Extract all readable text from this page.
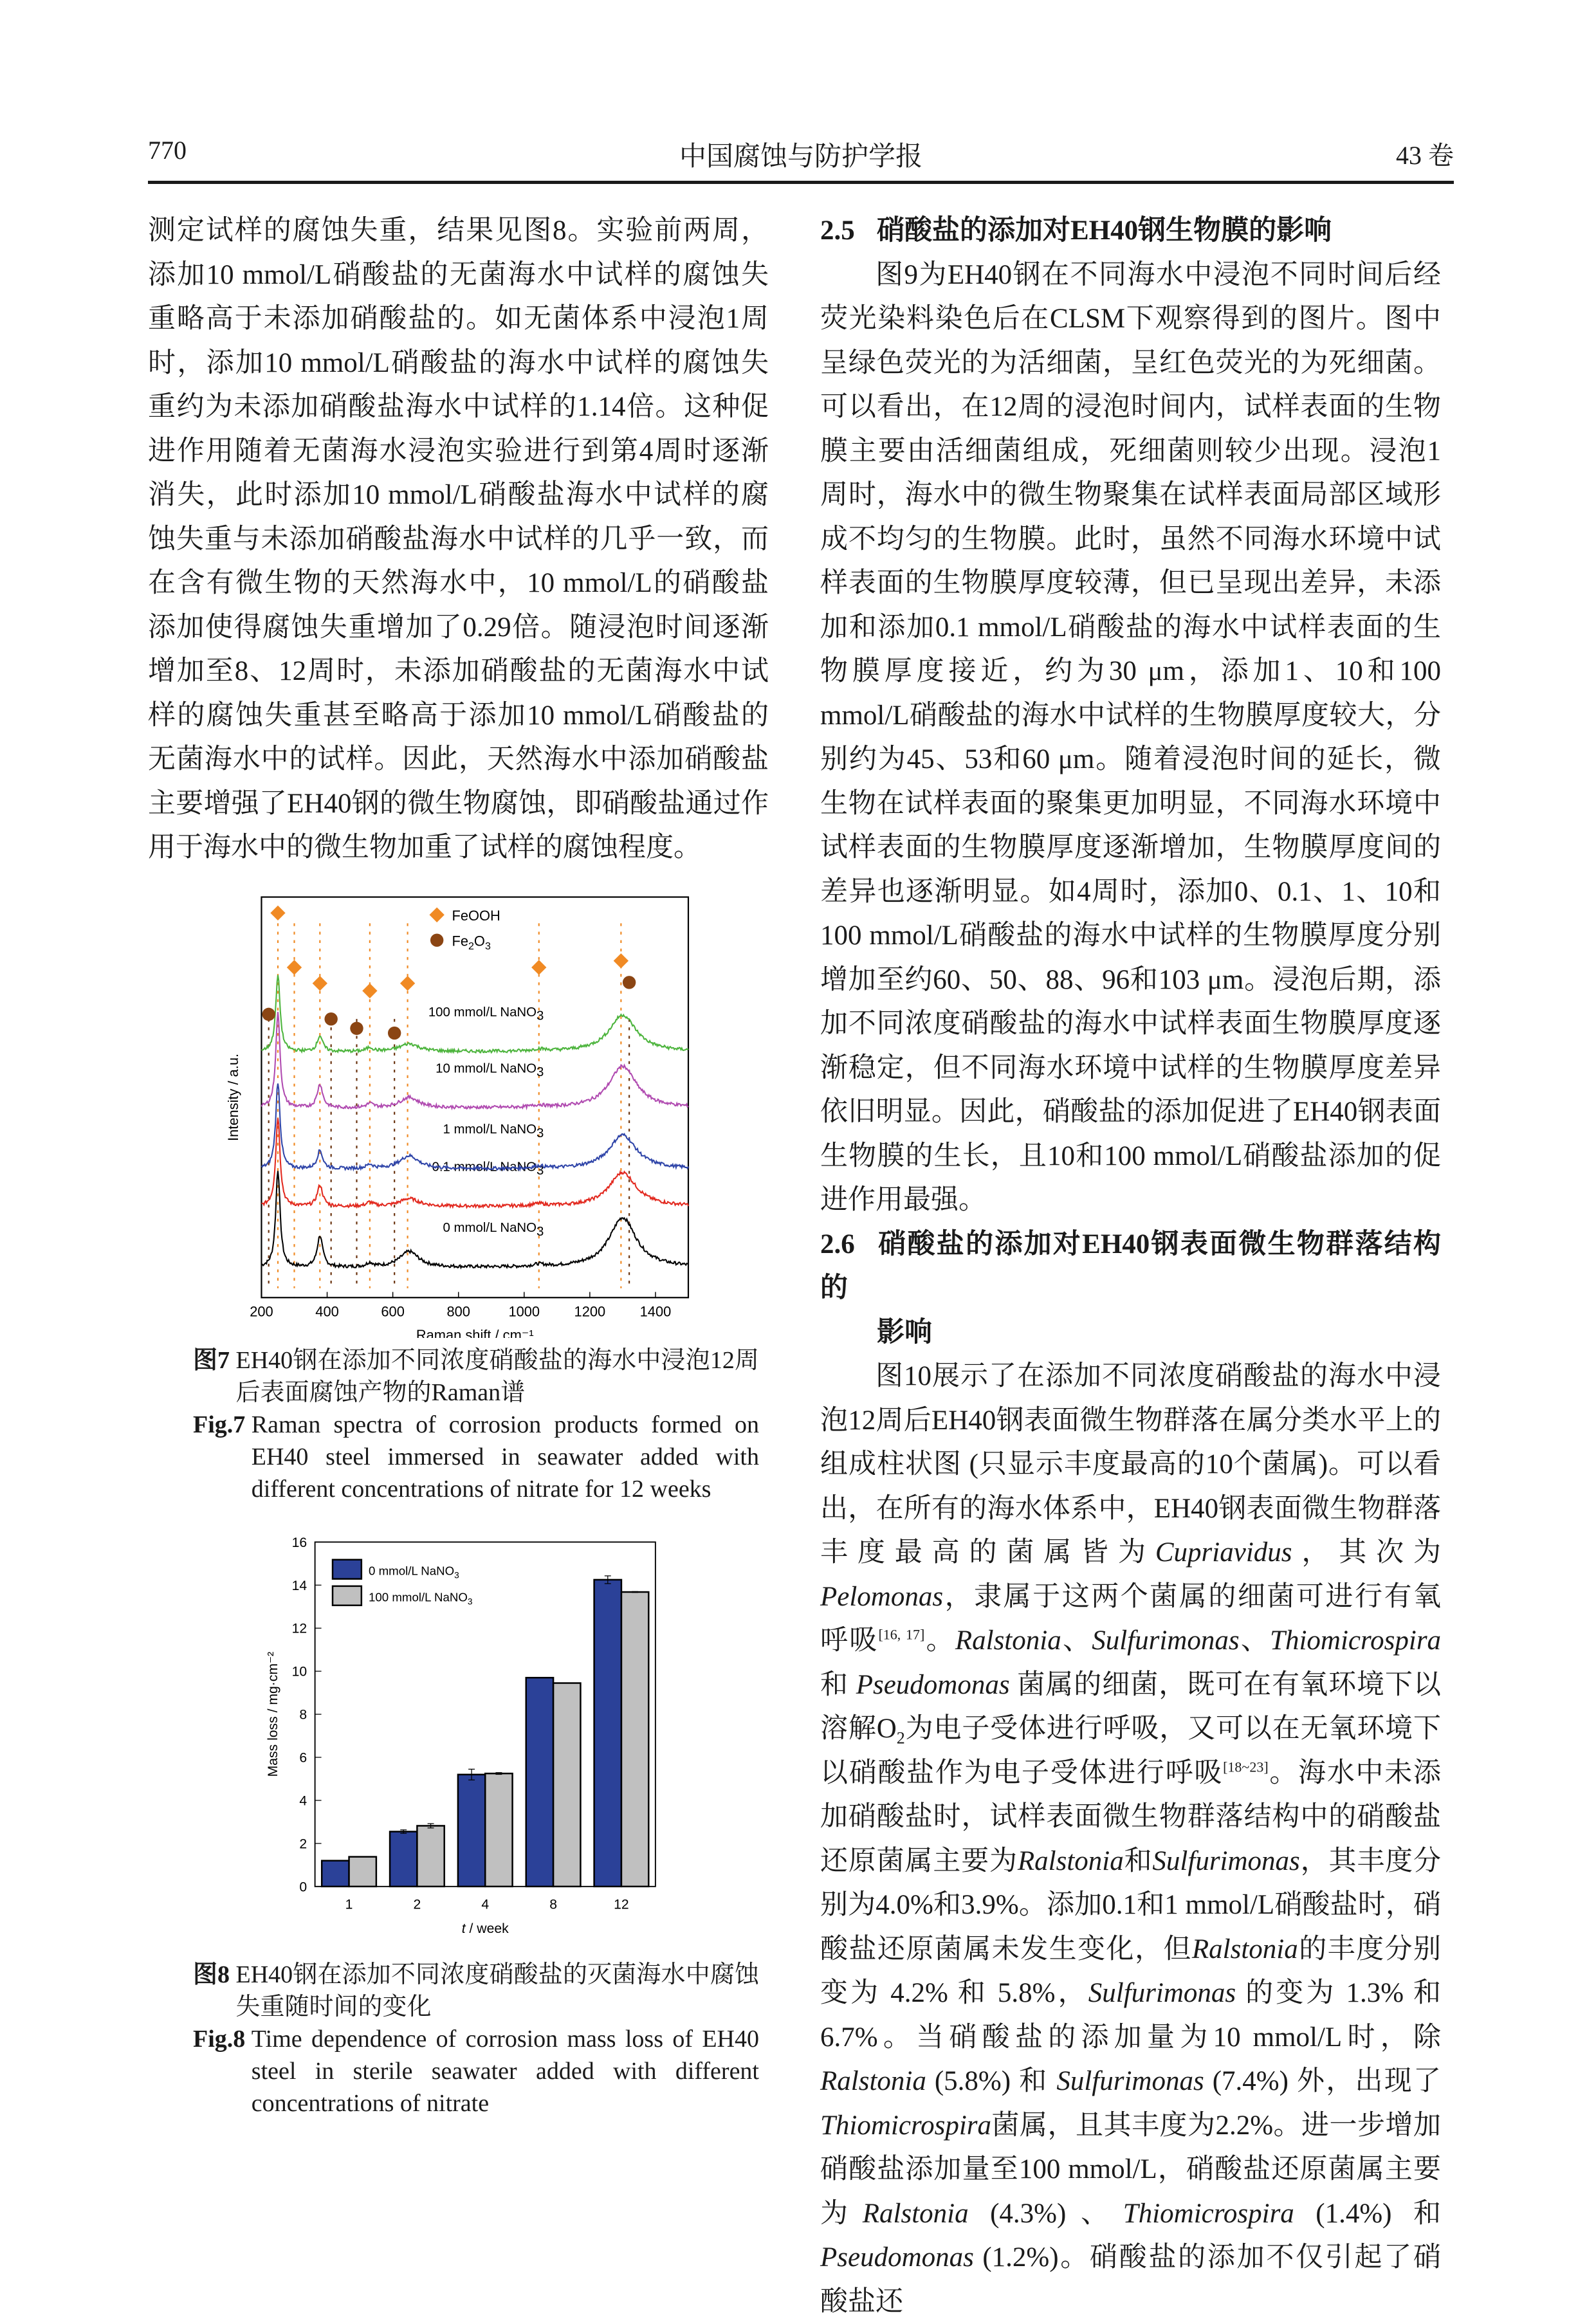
770	中国腐蚀与防护学报	43 卷

测定试样的腐蚀失重，结果见图8。实验前两周，添加10 mmol/L硝酸盐的无菌海水中试样的腐蚀失重略高于未添加硝酸盐的。如无菌体系中浸泡1周时，添加10 mmol/L硝酸盐的海水中试样的腐蚀失重约为未添加硝酸盐海水中试样的1.14倍。这种促进作用随着无菌海水浸泡实验进行到第4周时逐渐消失，此时添加10 mmol/L硝酸盐海水中试样的腐蚀失重与未添加硝酸盐海水中试样的几乎一致，而在含有微生物的天然海水中，10 mmol/L的硝酸盐添加使得腐蚀失重增加了0.29倍。随浸泡时间逐渐增加至8、12周时，未添加硝酸盐的无菌海水中试样的腐蚀失重甚至略高于添加10 mmol/L硝酸盐的无菌海水中的试样。因此，天然海水中添加硝酸盐主要增强了EH40钢的微生物腐蚀，即硝酸盐通过作用于海水中的微生物加重了试样的腐蚀程度。

0 mmol/L NaNO3
0.1 mmol/L NaNO3
1 mmol/L NaNO3
10 mmol/L NaNO3
100 mmol/L NaNO3
FeOOH
$Fe_2O_3$
200	400	600	800	1000	1200	1400
Raman shift / cm⁻¹
Intensity / a.u.
图7
EH40钢在添加不同浓度硝酸盐的海水中浸泡12周后表面腐蚀产物的Raman谱
Fig.7
Raman spectra of corrosion products formed on EH40 steel immersed in seawater added with different concentrations of nitrate for 12 weeks
0
2
4
6
8
10
12
14
16
1	2	4	8	12
0 mmol/L NaNO$_3$
100 mmol/L NaNO$_3$
t / week
Mass loss / mg·cm⁻²
图8
EH40钢在添加不同浓度硝酸盐的灭菌海水中腐蚀失重随时间的变化
Fig.8
Time dependence of corrosion mass loss of EH40 steel in sterile seawater added with different concentrations of nitrate

2.5 硝酸盐的添加对EH40钢生物膜的影响

图9为EH40钢在不同海水中浸泡不同时间后经荧光染料染色后在CLSM下观察得到的图片。图中呈绿色荧光的为活细菌，呈红色荧光的为死细菌。可以看出，在12周的浸泡时间内，试样表面的生物膜主要由活细菌组成，死细菌则较少出现。浸泡1周时，海水中的微生物聚集在试样表面局部区域形成不均匀的生物膜。此时，虽然不同海水环境中试样表面的生物膜厚度较薄，但已呈现出差异，未添加和添加0.1 mmol/L硝酸盐的海水中试样表面的生物膜厚度接近，约为30 μm，添加1、10和100 mmol/L硝酸盐的海水中试样的生物膜厚度较大，分别约为45、53和60 μm。随着浸泡时间的延长，微生物在试样表面的聚集更加明显，不同海水环境中试样表面的生物膜厚度逐渐增加，生物膜厚度间的差异也逐渐明显。如4周时，添加0、0.1、1、10和100 mmol/L硝酸盐的海水中试样的生物膜厚度分别增加至约60、50、88、96和103 μm。浸泡后期，添加不同浓度硝酸盐的海水中试样表面生物膜厚度逐渐稳定，但不同海水环境中试样的生物膜厚度差异依旧明显。因此，硝酸盐的添加促进了EH40钢表面生物膜的生长，且10和100 mmol/L硝酸盐添加的促进作用最强。

2.6 硝酸盐的添加对EH40钢表面微生物群落结构的
影响

图10展示了在添加不同浓度硝酸盐的海水中浸泡12周后EH40钢表面微生物群落在属分类水平上的组成柱状图 (只显示丰度最高的10个菌属)。可以看出，在所有的海水体系中，EH40钢表面微生物群落丰度最高的菌属皆为Cupriavidus，其次为Pelomonas，隶属于这两个菌属的细菌可进行有氧呼吸[16, 17]。Ralstonia、Sulfurimonas、Thiomicrospira 和 Pseudomonas 菌属的细菌，既可在有氧环境下以溶解$O_2$为电子受体进行呼吸，又可以在无氧环境下以硝酸盐作为电子受体进行呼吸[18~23]。海水中未添加硝酸盐时，试样表面微生物群落结构中的硝酸盐还原菌属主要为Ralstonia和Sulfurimonas，其丰度分别为4.0%和3.9%。添加0.1和1 mmol/L硝酸盐时，硝酸盐还原菌属未发生变化，但Ralstonia的丰度分别变为 4.2% 和 5.8%，Sulfurimonas 的变为 1.3% 和 6.7%。当硝酸盐的添加量为10 mmol/L时，除Ralstonia (5.8%) 和 Sulfurimonas (7.4%) 外，出现了Thiomicrospira菌属，且其丰度为2.2%。进一步增加硝酸盐添加量至100 mmol/L，硝酸盐还原菌属主要为Ralstonia (4.3%)、Thiomicrospira (1.4%) 和 Pseudomonas (1.2%)。硝酸盐的添加不仅引起了硝酸盐还
